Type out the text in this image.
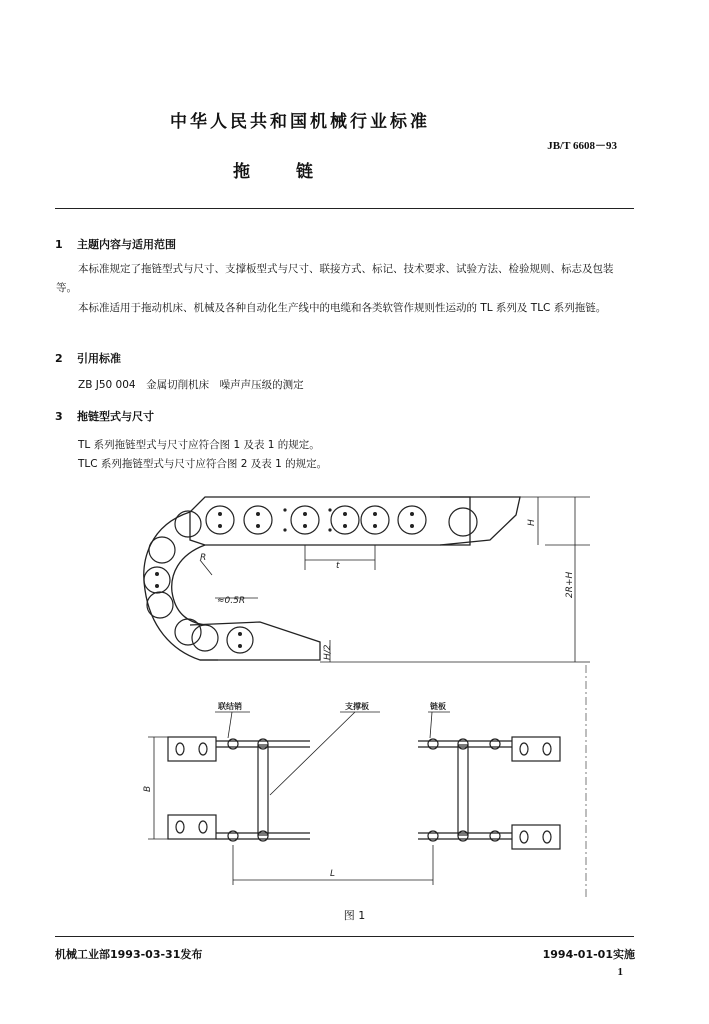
中华人民共和国机械行业标准
JB/T 6608－93
拖	链
1 主题内容与适用范围
本标准规定了拖链型式与尺寸、支撑板型式与尺寸、联接方式、标记、技术要求、试验方法、检验规则、标志及包装等。
本标准适用于拖动机床、机械及各种自动化生产线中的电缆和各类软管作规则性运动的 TL 系列及 TLC 系列拖链。
2 引用标准
ZB J50 004　金属切削机床　噪声声压级的测定
3 拖链型式与尺寸
TL 系列拖链型式与尺寸应符合图 1 及表 1 的规定。
TLC 系列拖链型式与尺寸应符合图 2 及表 1 的规定。
R
t
≈0.5R
H
H/2
2R+H
B
L
联结销	支撑板	链板
图 1
机械工业部1993-03-31发布	1994-01-01实施
1
